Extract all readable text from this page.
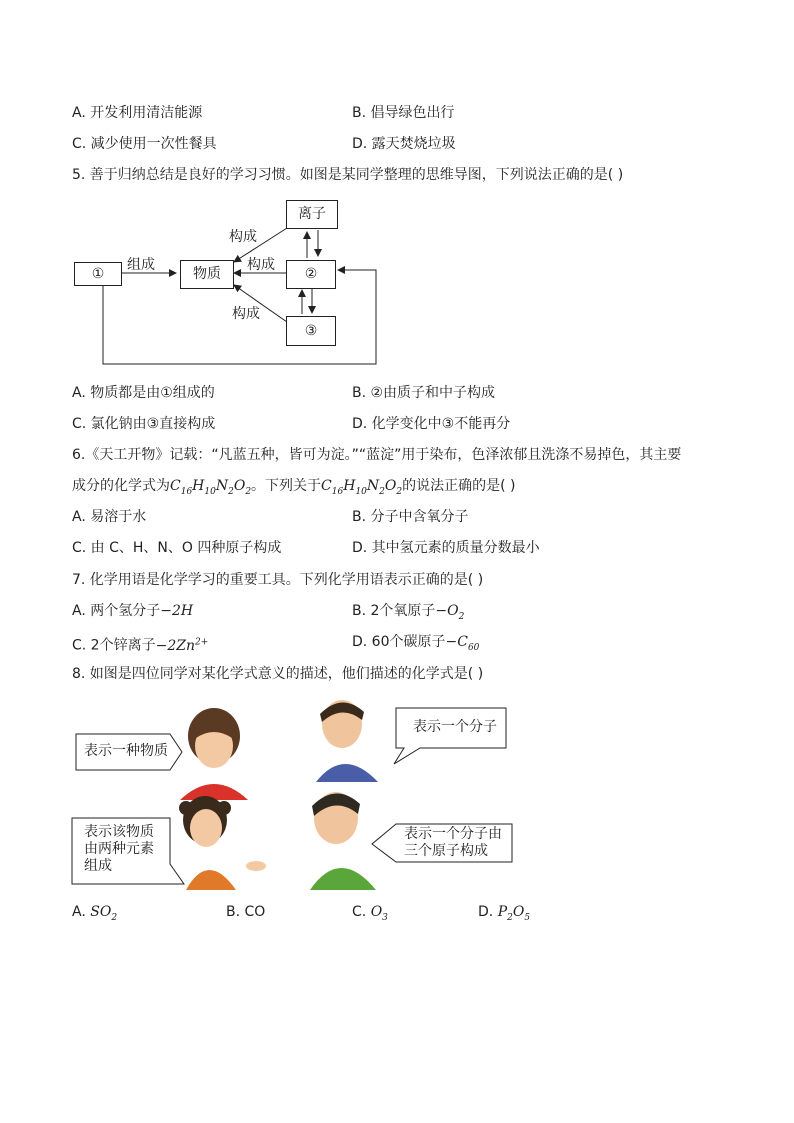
A. 开发利用清洁能源	B. 倡导绿色出行
C. 减少使用一次性餐具	D. 露天焚烧垃圾
5. 善于归纳总结是良好的学习习惯。如图是某同学整理的思维导图，下列说法正确的是( )
离子
①	物质	②
③
组成
构成
构成
构成
A. 物质都是由①组成的	B. ②由质子和中子构成
C. 氯化钠由③直接构成	D. 化学变化中③不能再分
6.《天工开物》记载：“凡蓝五种，皆可为淀。”“蓝淀”用于染布，色泽浓郁且洗涤不易掉色，其主要
成分的化学式为$C_{16}H_{10}N_2O_2$。下列关于$C_{16}H_{10}N_2O_2$的说法正确的是( )
A. 易溶于水	B. 分子中含氧分子
C. 由 C、H、N、O 四种原子构成	D. 其中氢元素的质量分数最小
7. 化学用语是化学学习的重要工具。下列化学用语表示正确的是( )
A. 两个氢分子−2H	B. 2个氧原子$-O_2$
C. 2个锌离子$-2Zn^{2+}$	D. 60个碳原子$-C_{60}$
8. 如图是四位同学对某化学式意义的描述，他们描述的化学式是( )
表示一种物质
表示一个分子
表示该物质
由两种元素
组成
表示一个分子由
三个原子构成
A. $SO_2$	B. CO	C. $O_3$	D. $P_2O_5$
